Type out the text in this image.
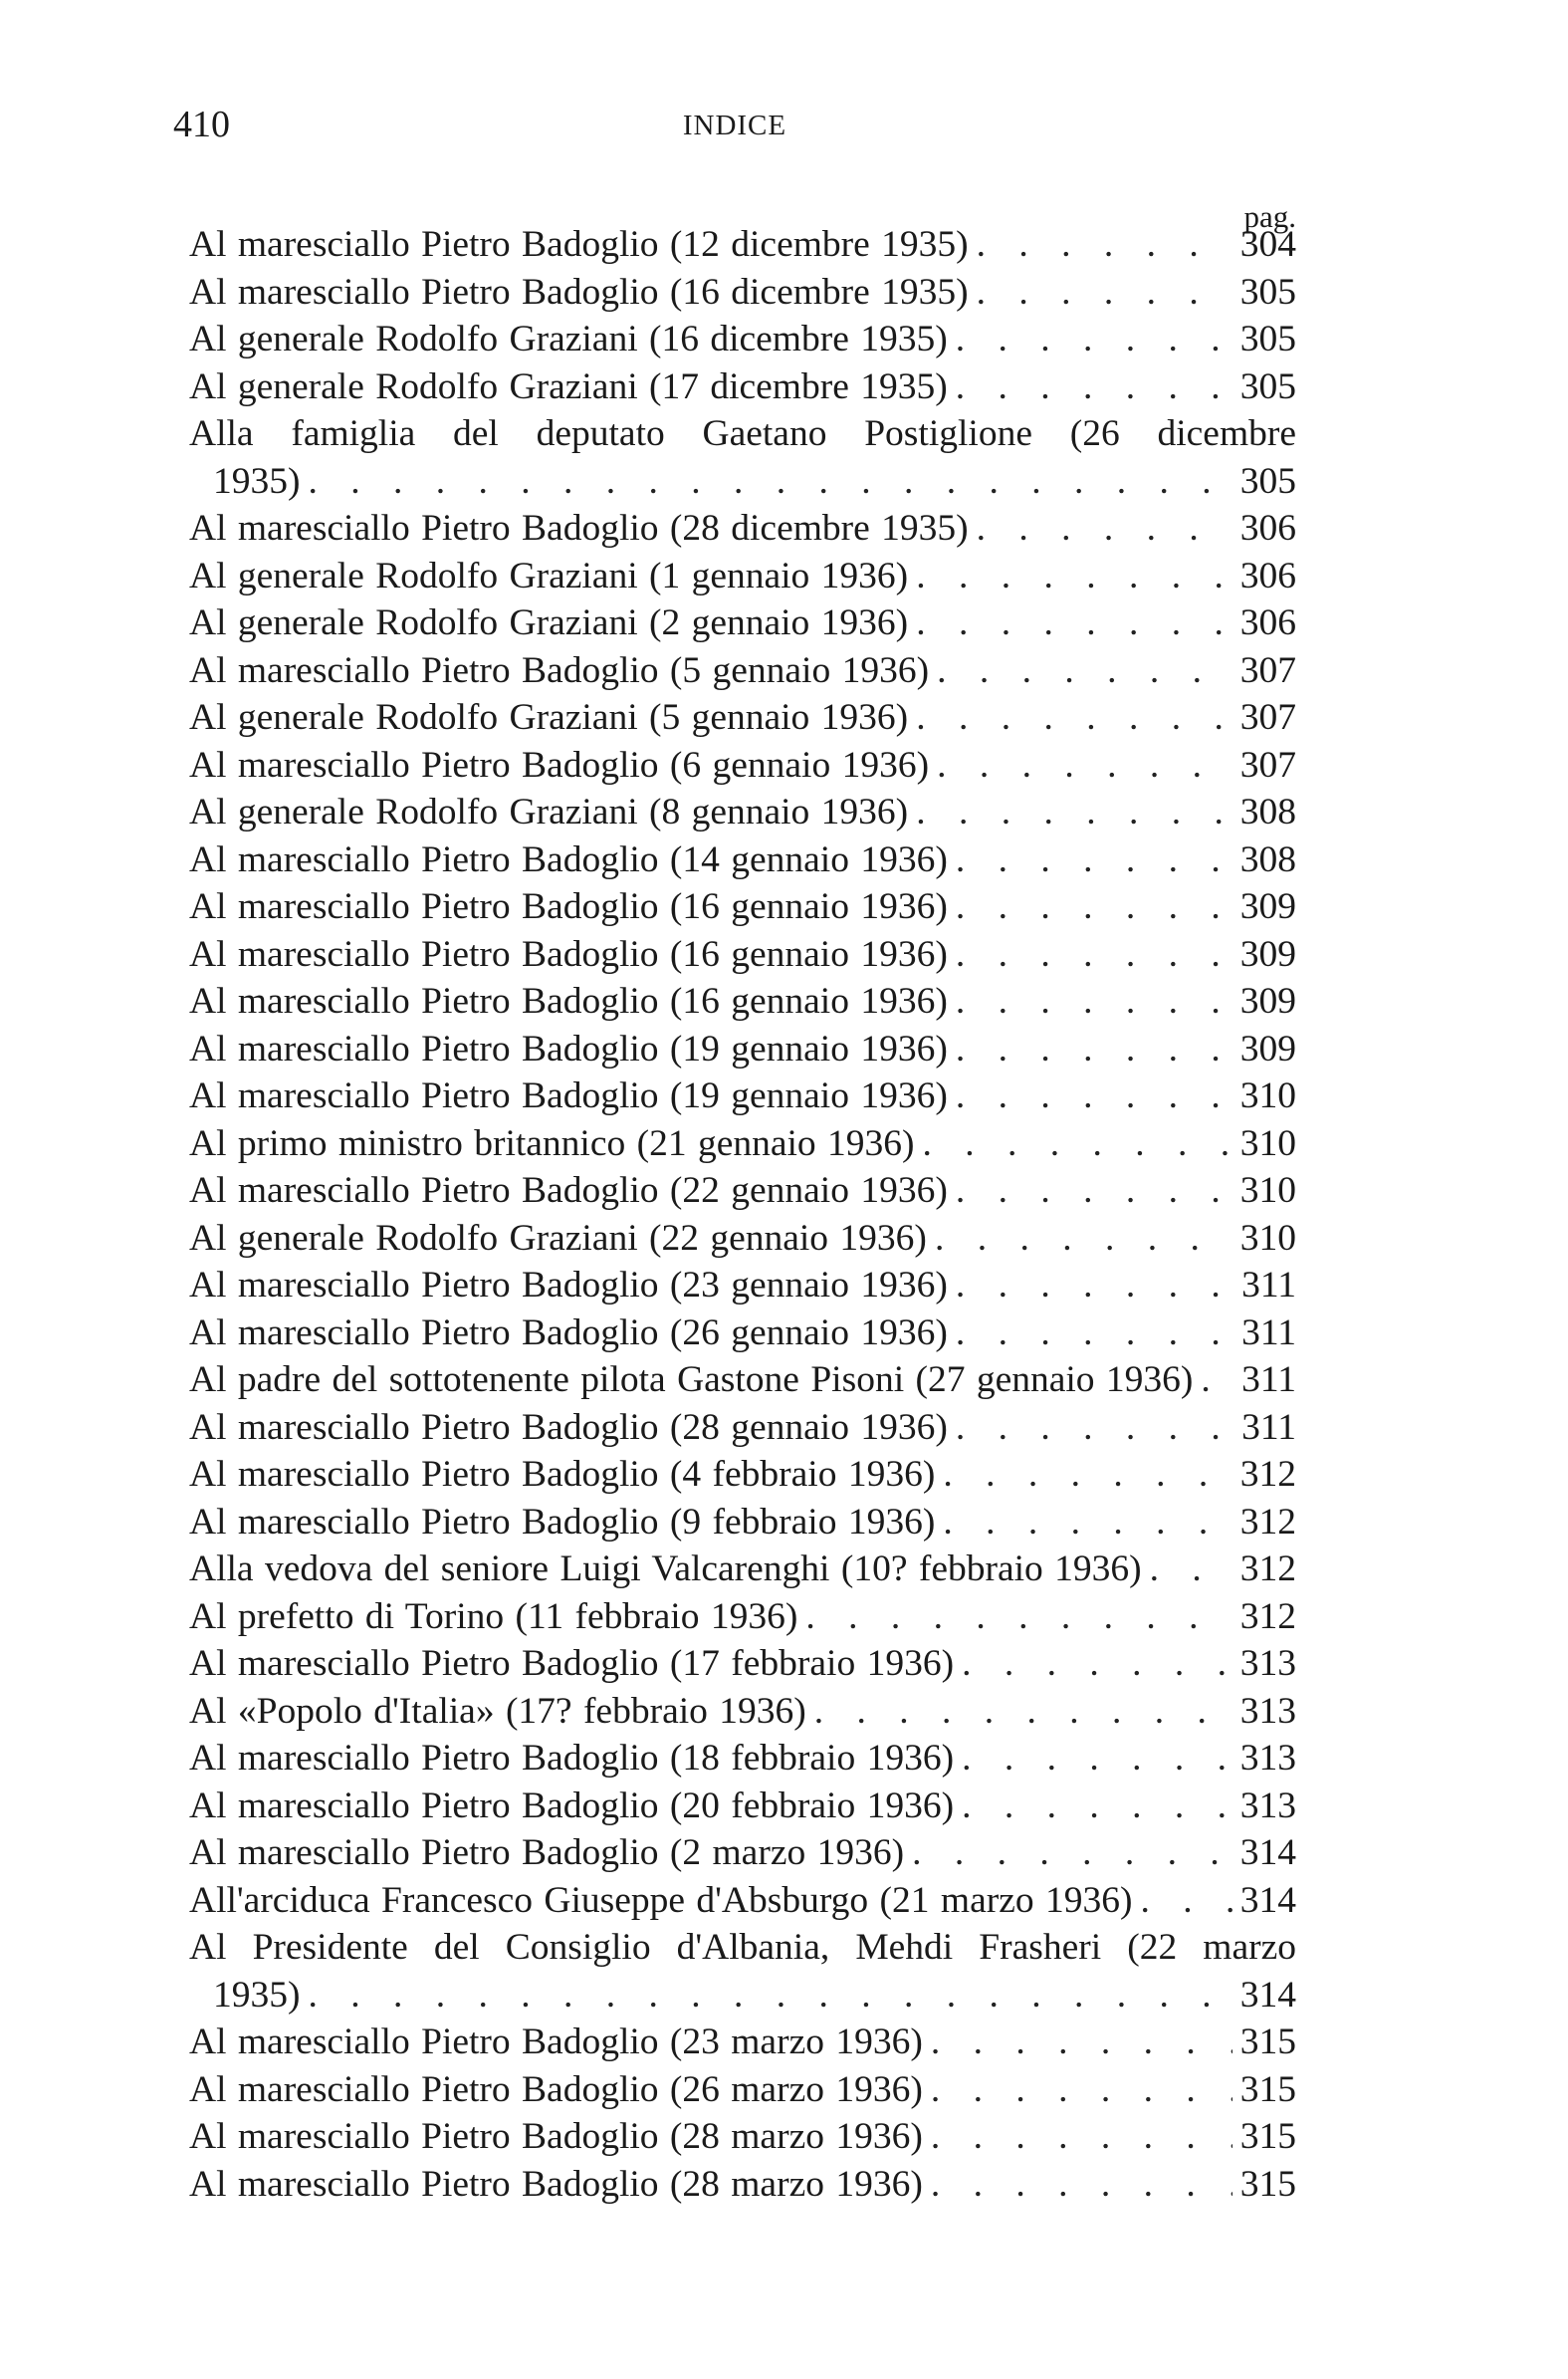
410	INDICE
pag.
Al maresciallo Pietro Badoglio (12 dicembre 1935) . . .	304
Al maresciallo Pietro Badoglio (16 dicembre 1935) . . .	305
Al generale Rodolfo Graziani (16 dicembre 1935) . . .	305
Al generale Rodolfo Graziani (17 dicembre 1935) . . .	305
Alla famiglia del deputato Gaetano Postiglione (26 dicembre
1935) . . .	305
Al maresciallo Pietro Badoglio (28 dicembre 1935) . . .	306
Al generale Rodolfo Graziani (1 gennaio 1936) . . .	306
Al generale Rodolfo Graziani (2 gennaio 1936) . . .	306
Al maresciallo Pietro Badoglio (5 gennaio 1936) . . .	307
Al generale Rodolfo Graziani (5 gennaio 1936) . . .	307
Al maresciallo Pietro Badoglio (6 gennaio 1936) . . .	307
Al generale Rodolfo Graziani (8 gennaio 1936) . . .	308
Al maresciallo Pietro Badoglio (14 gennaio 1936) . . .	308
Al maresciallo Pietro Badoglio (16 gennaio 1936) . . .	309
Al maresciallo Pietro Badoglio (16 gennaio 1936) . . .	309
Al maresciallo Pietro Badoglio (16 gennaio 1936) . . .	309
Al maresciallo Pietro Badoglio (19 gennaio 1936) . . .	309
Al maresciallo Pietro Badoglio (19 gennaio 1936) . . .	310
Al primo ministro britannico (21 gennaio 1936) . . .	310
Al maresciallo Pietro Badoglio (22 gennaio 1936) . . .	310
Al generale Rodolfo Graziani (22 gennaio 1936) . . .	310
Al maresciallo Pietro Badoglio (23 gennaio 1936) . . .	311
Al maresciallo Pietro Badoglio (26 gennaio 1936) . . .	311
Al padre del sottotenente pilota Gastone Pisoni (27 gennaio 1936) . . . 311
Al maresciallo Pietro Badoglio (28 gennaio 1936) . . .	311
Al maresciallo Pietro Badoglio (4 febbraio 1936) . . .	312
Al maresciallo Pietro Badoglio (9 febbraio 1936) . . .	312
Alla vedova del seniore Luigi Valcarenghi (10? febbraio 1936) . . .	312
Al prefetto di Torino (11 febbraio 1936) . . .	312
Al maresciallo Pietro Badoglio (17 febbraio 1936) . . .	313
Al «Popolo d'Italia» (17? febbraio 1936) . . .	313
Al maresciallo Pietro Badoglio (18 febbraio 1936) . . .	313
Al maresciallo Pietro Badoglio (20 febbraio 1936) . . .	313
Al maresciallo Pietro Badoglio (2 marzo 1936) . . .	314
All'arciduca Francesco Giuseppe d'Absburgo (21 marzo 1936) . . .	314
Al Presidente del Consiglio d'Albania, Mehdi Frasheri (22 marzo
1935) . . .	314
Al maresciallo Pietro Badoglio (23 marzo 1936) . . .	315
Al maresciallo Pietro Badoglio (26 marzo 1936) . . .	315
Al maresciallo Pietro Badoglio (28 marzo 1936) . . .	315
Al maresciallo Pietro Badoglio (28 marzo 1936) . . .	315
